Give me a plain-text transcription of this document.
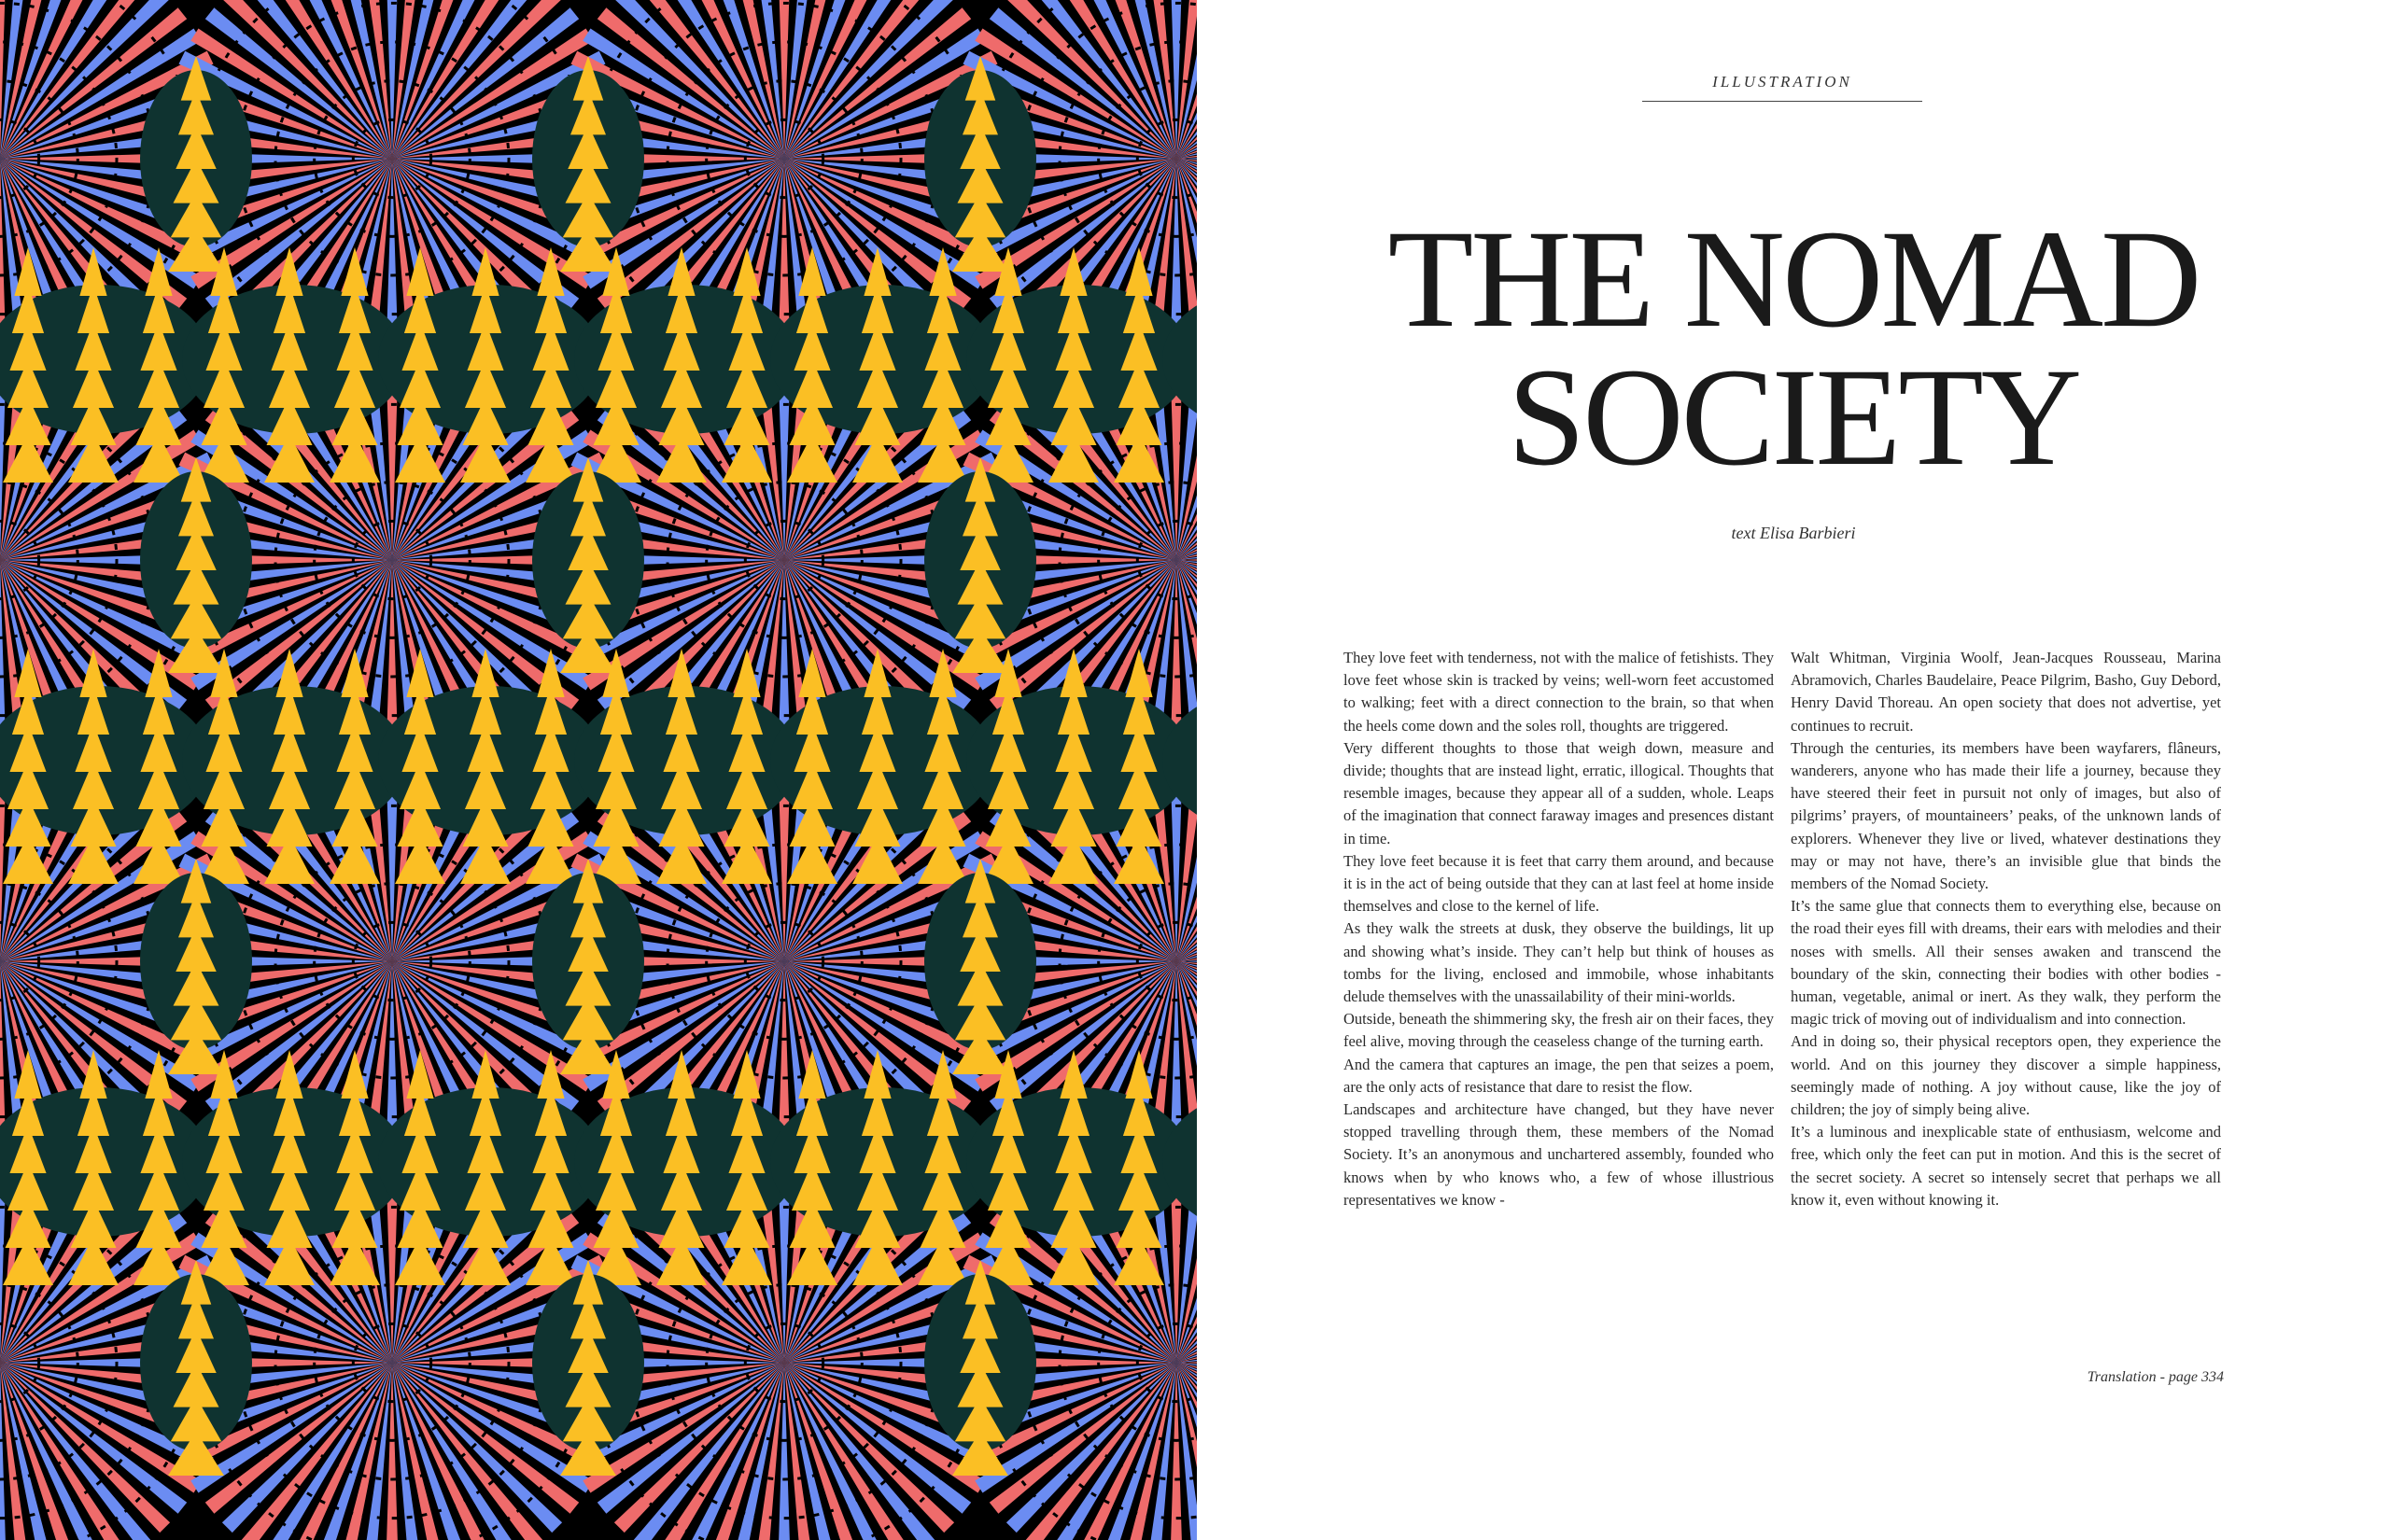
ILLUSTRATION
THE NOMAD
SOCIETY
text Elisa Barbieri

They love feet with tenderness, not with the malice of fetishists. They love feet whose skin is tracked by veins; well-worn feet accustomed to walking; feet with a direct connection to the brain, so that when the heels come down and the soles roll, thoughts are triggered.

Very different thoughts to those that weigh down, measure and divide; thoughts that are instead light, erratic, illogical. Thoughts that resemble images, because they appear all of a sudden, whole. Leaps of the imagination that connect faraway images and presences distant in time.

They love feet because it is feet that carry them around, and because it is in the act of being outside that they can at last feel at home inside themselves and close to the kernel of life.

As they walk the streets at dusk, they observe the buildings, lit up and showing what’s inside. They can’t help but think of houses as tombs for the living, enclosed and immobile, whose inhabitants delude themselves with the unassailability of their mini-worlds.

Outside, beneath the shimmering sky, the fresh air on their faces, they feel alive, moving through the ceaseless change of the turning earth.

And the camera that captures an image, the pen that seizes a poem, are the only acts of resistance that dare to resist the flow.

Landscapes and architecture have changed, but they have never stopped travelling through them, these members of the Nomad Society. It’s an anonymous and unchartered assembly, founded who knows when by who knows who, a few of whose illustrious representatives we know -

Walt Whitman, Virginia Woolf, Jean-Jacques Rousseau, Marina Abramovich, Charles Baudelaire, Peace Pilgrim, Basho, Guy Debord, Henry David Thoreau. An open society that does not advertise, yet continues to recruit.

Through the centuries, its members have been wayfarers, flâneurs, wanderers, anyone who has made their life a journey, because they have steered their feet in pursuit not only of images, but also of pilgrims’ prayers, of mountaineers’ peaks, of the unknown lands of explorers. Whenever they live or lived, whatever destinations they may or may not have, there’s an invisible glue that binds the members of the Nomad Society.

It’s the same glue that connects them to everything else, because on the road their eyes fill with dreams, their ears with melodies and their noses with smells. All their senses awaken and transcend the boundary of the skin, connecting their bodies with other bodies - human, vegetable, animal or inert. As they walk, they perform the magic trick of moving out of individualism and into connection.

And in doing so, their physical receptors open, they experience the world. And on this journey they discover a simple happiness, seemingly made of nothing. A joy without cause, like the joy of children; the joy of simply being alive.

It’s a luminous and inexplicable state of enthusiasm, welcome and free, which only the feet can put in motion. And this is the secret of the secret society. A secret so intensely secret that perhaps we all know it, even without knowing it.

Translation - page 334
